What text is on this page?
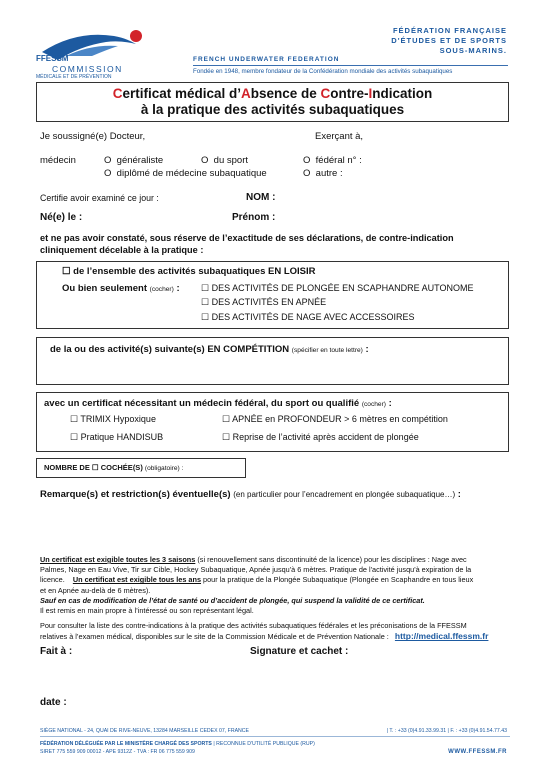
FFESSM
COMMISSION
MÉDICALE ET DE PRÉVENTION
FÉDÉRATION FRANÇAISE
D'ÉTUDES ET DE SPORTS
SOUS-MARINS.
FRENCH UNDERWATER FEDERATION
Fondée en 1948, membre fondateur de la Confédération mondiale des activités subaquatiques
Certificat médical d’Absence de Contre-Indication
à la pratique des activités subaquatiques
Je soussigné(e) Docteur,	Exerçant à,
médecin	O généraliste	O du sport	O fédéral n° :
O diplômé de médecine subaquatique	O autre :
Certifie avoir examiné ce jour :	NOM :
Né(e) le :	Prénom :
et ne pas avoir constaté, sous réserve de l’exactitude de ses déclarations, de contre-indication cliniquement décelable à la pratique :
☐ de l’ensemble des activités subaquatiques EN LOISIR
Ou bien seulement (cocher) : ☐ DES ACTIVITÉS DE PLONGÉE EN SCAPHANDRE AUTONOME
☐ DES ACTIVITÉS EN APNÉE
☐ DES ACTIVITÉS DE NAGE AVEC ACCESSOIRES
de la ou des activité(s) suivante(s) EN COMPÉTITION (spécifier en toute lettre) :
avec un certificat nécessitant un médecin fédéral, du sport ou qualifié (cocher) :
☐ TRIMIX Hypoxique	☐ APNÉE en PROFONDEUR > 6 mètres en compétition
☐ Pratique HANDISUB	☐ Reprise de l’activité après accident de plongée
NOMBRE DE ☐ COCHÉE(S) (obligatoire) :
Remarque(s) et restriction(s) éventuelle(s) (en particulier pour l’encadrement en plongée subaquatique…) :
Un certificat est exigible toutes les 3 saisons (si renouvellement sans discontinuité de la licence) pour les disciplines : Nage avec
Palmes, Nage en Eau Vive, Tir sur Cible, Hockey Subaquatique, Apnée jusqu'à 6 mètres. Pratique de l'activité jusqu'à expiration de la
licence. Un certificat est exigible tous les ans pour la pratique de la Plongée Subaquatique (Plongée en Scaphandre en tous lieux
et en Apnée au-delà de 6 mètres).
Sauf en cas de modification de l’état de santé ou d’accident de plongée, qui suspend la validité de ce certificat.
Il est remis en main propre à l’intéressé ou son représentant légal.
Pour consulter la liste des contre-indications à la pratique des activités subaquatiques fédérales et les préconisations de la FFESSM
relatives à l’examen médical, disponibles sur le site de la Commission Médicale et de Prévention Nationale : http://medical.ffessm.fr
Fait à :	Signature et cachet :
date :
SIÈGE NATIONAL - 24, QUAI DE RIVE-NEUVE, 13284 MARSEILLE CEDEX 07, FRANCE	| T. : +33 (0)4.91.33.99.31 | F. : +33 (0)4.91.54.77.43
FÉDÉRATION DÉLÉGUÉE PAR LE MINISTÈRE CHARGÉ DES SPORTS | RECONNUE D'UTILITÉ PUBLIQUE (RUP)
SIRET 775 559 909 00012 - APE 9312Z - TVA : FR 06 775 559 909	WWW.FFESSM.FR
